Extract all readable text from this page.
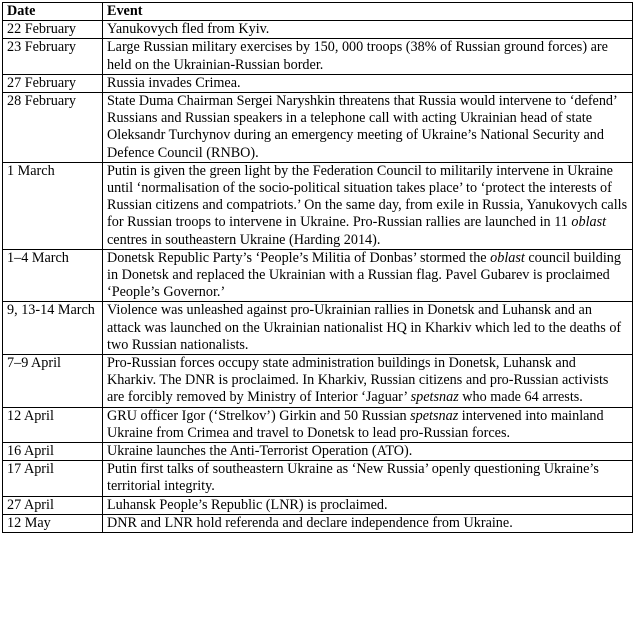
Date	Event
22 February	Yanukovych fled from Kyiv.
23 February	Large Russian military exercises by 150, 000 troops (38% of Russian ground forces) are held on the Ukrainian-Russian border.
27 February	Russia invades Crimea.
28 February	State Duma Chairman Sergei Naryshkin threatens that Russia would intervene to ‘defend’ Russians and Russian speakers in a telephone call with acting Ukrainian head of state Oleksandr Turchynov during an emergency meeting of Ukraine’s National Security and Defence Council (RNBO).
1 March	Putin is given the green light by the Federation Council to militarily intervene in Ukraine until ‘normalisation of the socio-political situation takes place’ to ‘protect the interests of Russian citizens and compatriots.’ On the same day, from exile in Russia, Yanukovych calls for Russian troops to intervene in Ukraine. Pro-Russian rallies are launched in 11 oblast centres in southeastern Ukraine (Harding 2014).
1–4 March	Donetsk Republic Party’s ‘People’s Militia of Donbas’ stormed the oblast council building in Donetsk and replaced the Ukrainian with a Russian flag. Pavel Gubarev is proclaimed ‘People’s Governor.’
9, 13-14 March	Violence was unleashed against pro-Ukrainian rallies in Donetsk and Luhansk and an attack was launched on the Ukrainian nationalist HQ in Kharkiv which led to the deaths of two Russian nationalists.
7–9 April	Pro-Russian forces occupy state administration buildings in Donetsk, Luhansk and Kharkiv. The DNR is proclaimed. In Kharkiv, Russian citizens and pro-Russian activists are forcibly removed by Ministry of Interior ‘Jaguar’ spetsnaz who made 64 arrests.
12 April	GRU officer Igor (‘Strelkov’) Girkin and 50 Russian spetsnaz intervened into mainland Ukraine from Crimea and travel to Donetsk to lead pro-Russian forces.
16 April	Ukraine launches the Anti-Terrorist Operation (ATO).
17 April	Putin first talks of southeastern Ukraine as ‘New Russia’ openly questioning Ukraine’s territorial integrity.
27 April	Luhansk People’s Republic (LNR) is proclaimed.
12 May	DNR and LNR hold referenda and declare independence from Ukraine.
